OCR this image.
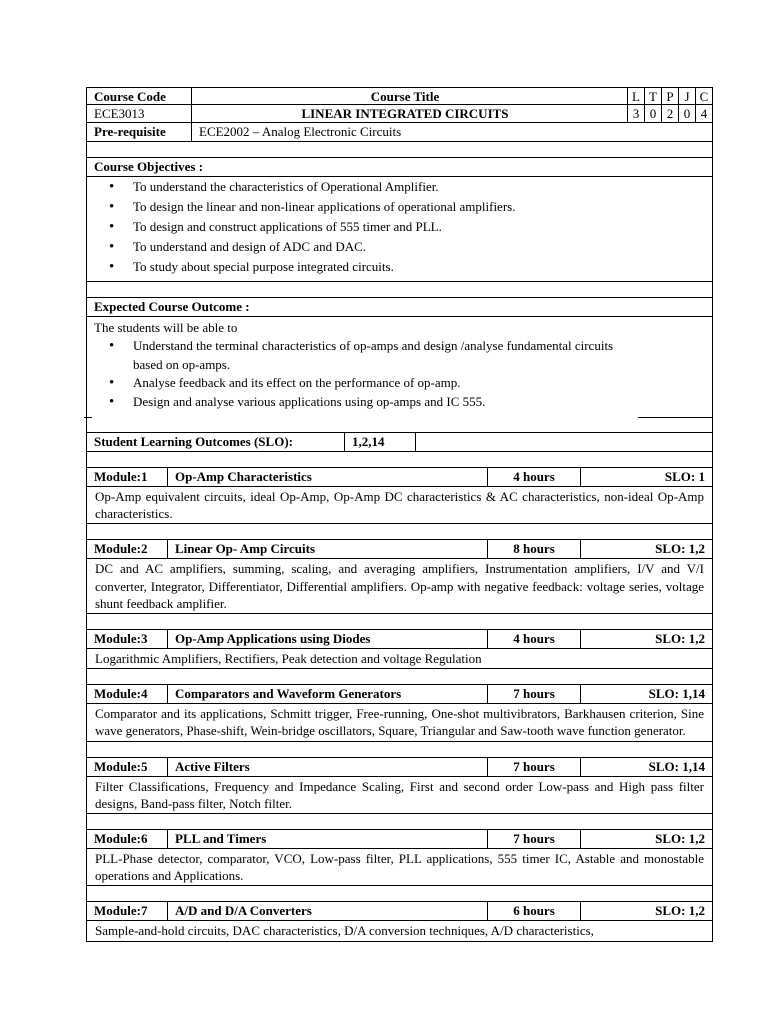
Course Code	Course Title	L T P J C
ECE3013	LINEAR INTEGRATED CIRCUITS	3 0 2 0 4
Pre-requisite	ECE2002 – Analog Electronic Circuits
Course Objectives :
• To understand the characteristics of Operational Amplifier.
• To design the linear and non-linear applications of operational amplifiers.
• To design and construct applications of 555 timer and PLL.
• To understand and design of ADC and DAC.
• To study about special purpose integrated circuits.
Expected Course Outcome :
The students will be able to
• Understand the terminal characteristics of op-amps and design /analyse fundamental circuits based on op-amps.
• Analyse feedback and its effect on the performance of op-amp.
• Design and analyse various applications using op-amps and IC 555.
Student Learning Outcomes (SLO):	1,2,14
Module:1	Op-Amp Characteristics	4 hours	SLO: 1
Op-Amp equivalent circuits, ideal Op-Amp, Op-Amp DC characteristics & AC characteristics, non-ideal Op-Amp characteristics.
Module:2	Linear Op- Amp Circuits	8 hours	SLO: 1,2
DC and AC amplifiers, summing, scaling, and averaging amplifiers, Instrumentation amplifiers, I/V and V/I converter, Integrator, Differentiator, Differential amplifiers. Op-amp with negative feedback: voltage series, voltage shunt feedback amplifier.
Module:3	Op-Amp Applications using Diodes	4 hours	SLO: 1,2
Logarithmic Amplifiers, Rectifiers, Peak detection and voltage Regulation
Module:4	Comparators and Waveform Generators	7 hours	SLO: 1,14
Comparator and its applications, Schmitt trigger, Free-running, One-shot multivibrators, Barkhausen criterion, Sine wave generators, Phase-shift, Wein-bridge oscillators, Square, Triangular and Saw-tooth wave function generator.
Module:5	Active Filters	7 hours	SLO: 1,14
Filter Classifications, Frequency and Impedance Scaling, First and second order Low-pass and High pass filter designs, Band-pass filter, Notch filter.
Module:6	PLL and Timers	7 hours	SLO: 1,2
PLL-Phase detector, comparator, VCO, Low-pass filter, PLL applications, 555 timer IC, Astable and monostable operations and Applications.
Module:7	A/D and D/A Converters	6 hours	SLO: 1,2
Sample-and-hold circuits, DAC characteristics, D/A conversion techniques, A/D characteristics,
